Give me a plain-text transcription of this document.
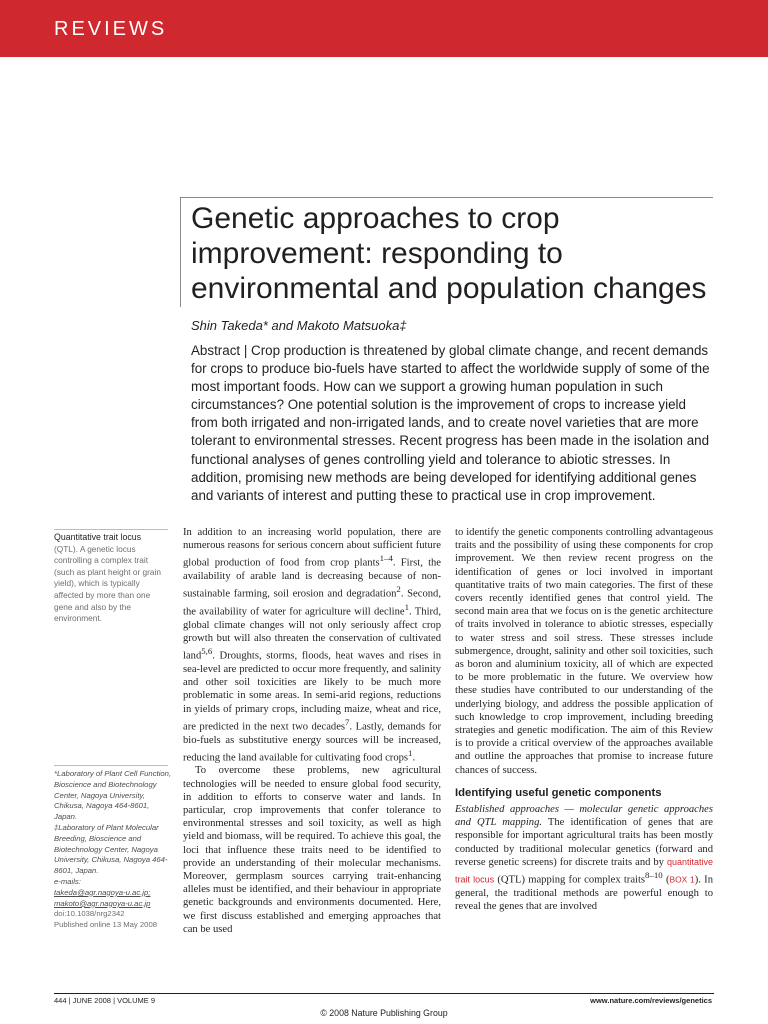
REVIEWS
Genetic approaches to crop improvement: responding to environmental and population changes
Shin Takeda* and Makoto Matsuoka‡

Abstract | Crop production is threatened by global climate change, and recent demands for crops to produce bio-fuels have started to affect the worldwide supply of some of the most important foods. How can we support a growing human population in such circumstances? One potential solution is the improvement of crops to increase yield from both irrigated and non-irrigated lands, and to create novel varieties that are more tolerant to environmental stresses. Recent progress has been made in the isolation and functional analyses of genes controlling yield and tolerance to abiotic stresses. In addition, promising new methods are being developed for identifying additional genes and variants of interest and putting these to practical use in crop improvement.

Quantitative trait locus
(QTL). A genetic locus controlling a complex trait (such as plant height or grain yield), which is typically affected by more than one gene and also by the environment.
*Laboratory of Plant Cell Function, Bioscience and Biotechnology Center, Nagoya University, Chikusa, Nagoya 464-8601, Japan.
‡Laboratory of Plant Molecular Breeding, Bioscience and Biotechnology Center, Nagoya University, Chikusa, Nagoya 464-8601, Japan.
e-mails:
takeda@agr.nagoya-u.ac.jp;
makoto@agr.nagoya-u.ac.jp
doi:10.1038/nrg2342
Published online 13 May 2008

In addition to an increasing world population, there are numerous reasons for serious concern about sufficient future global production of food from crop plants$^{1-4}$. First, the availability of arable land is decreasing because of non-sustainable farming, soil erosion and degradation$^2$. Second, the availability of water for agriculture will decline$^1$. Third, global climate changes will not only seriously affect crop growth but will also threaten the conservation of cultivated land$^{5,6}$. Droughts, storms, floods, heat waves and rises in sea-level are predicted to occur more frequently, and salinity and other soil toxicities are likely to be much more problematic in some areas. In semi-arid regions, reductions in yields of primary crops, including maize, wheat and rice, are predicted in the next two decades$^7$. Lastly, demands for bio-fuels as substitutive energy sources will be increased, reducing the land available for cultivating food crops$^1$.

To overcome these problems, new agricultural technologies will be needed to ensure global food security, in addition to efforts to conserve water and lands. In particular, crop improvements that confer tolerance to environmental stresses and soil toxicity, as well as high yield and biomass, will be required. To achieve this goal, the loci that influence these traits need to be identified to provide an understanding of their molecular mechanisms. Moreover, germplasm sources carrying trait-enhancing alleles must be identified, and their behaviour in appropriate genetic backgrounds and environments documented. Here, we first discuss established and emerging approaches that can be used

to identify the genetic components controlling advantageous traits and the possibility of using these components for crop improvement. We then review recent progress on the identification of genes or loci involved in important quantitative traits of two main categories. The first of these covers recently identified genes that control yield. The second main area that we focus on is the genetic architecture of traits involved in tolerance to abiotic stresses, especially to water stress and soil stress. These stresses include submergence, drought, salinity and other soil toxicities, such as boron and aluminium toxicity, all of which are expected to be more problematic in the future. We overview how these studies have contributed to our understanding of the underlying biology, and address the possible application of such knowledge to crop improvement, including breeding strategies and genetic modification. The aim of this Review is to provide a critical overview of the approaches available and outline the approaches that promise to increase future chances of success.

Identifying useful genetic components

Established approaches — molecular genetic approaches and QTL mapping. The identification of genes that are responsible for important agricultural traits has been mostly conducted by traditional molecular genetics (forward and reverse genetic screens) for discrete traits and by quantitative trait locus (QTL) mapping for complex traits$^{8-10}$ (BOX 1). In general, the traditional methods are powerful enough to reveal the genes that are involved

444 | JUNE 2008 | VOLUME 9	www.nature.com/reviews/genetics
© 2008 Nature Publishing Group
